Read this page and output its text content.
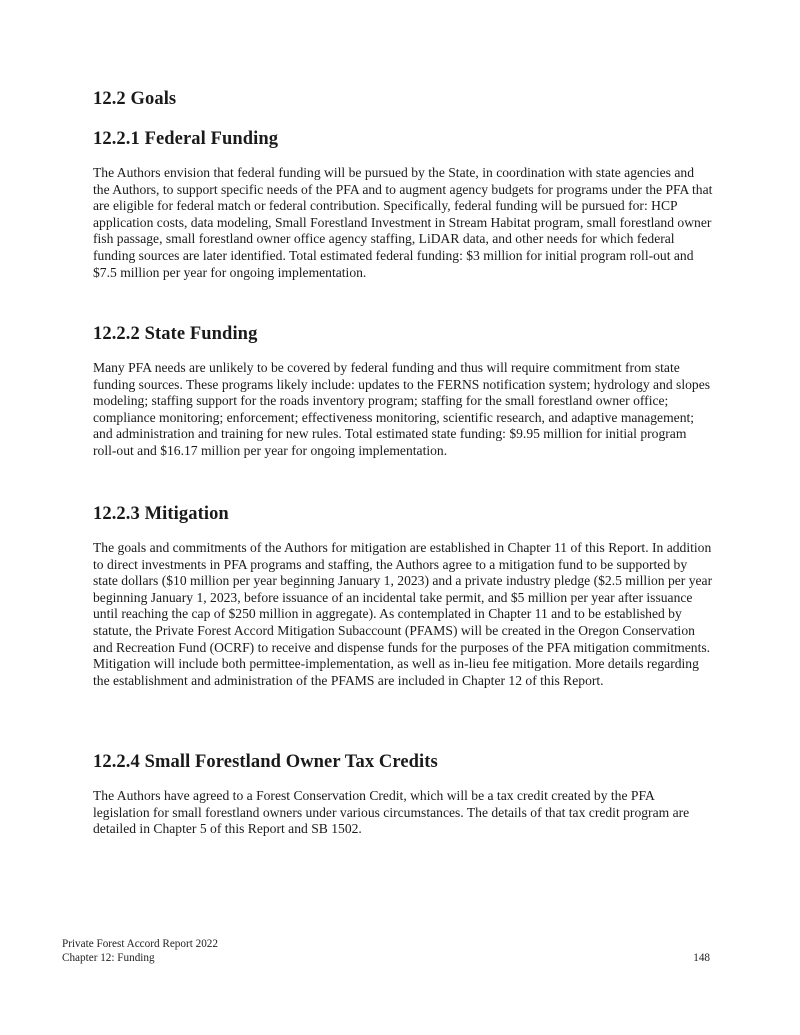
12.2 Goals
12.2.1 Federal Funding

The Authors envision that federal funding will be pursued by the State, in coordination with state agencies and the Authors, to support specific needs of the PFA and to augment agency budgets for programs under the PFA that are eligible for federal match or federal contribution. Specifically, federal funding will be pursued for: HCP application costs, data modeling, Small Forestland Investment in Stream Habitat program, small forestland owner fish passage, small forestland owner office agency staffing, LiDAR data, and other needs for which federal funding sources are later identified. Total estimated federal funding: $3 million for initial program roll-out and $7.5 million per year for ongoing implementation.

12.2.2 State Funding

Many PFA needs are unlikely to be covered by federal funding and thus will require commitment from state funding sources. These programs likely include: updates to the FERNS notification system; hydrology and slopes modeling; staffing support for the roads inventory program; staffing for the small forestland owner office; compliance monitoring; enforcement; effectiveness monitoring, scientific research, and adaptive management; and administration and training for new rules. Total estimated state funding: $9.95 million for initial program roll-out and $16.17 million per year for ongoing implementation.

12.2.3 Mitigation

The goals and commitments of the Authors for mitigation are established in Chapter 11 of this Report. In addition to direct investments in PFA programs and staffing, the Authors agree to a mitigation fund to be supported by state dollars ($10 million per year beginning January 1, 2023) and a private industry pledge ($2.5 million per year beginning January 1, 2023, before issuance of an incidental take permit, and $5 million per year after issuance until reaching the cap of $250 million in aggregate). As contemplated in Chapter 11 and to be established by statute, the Private Forest Accord Mitigation Subaccount (PFAMS) will be created in the Oregon Conservation and Recreation Fund (OCRF) to receive and dispense funds for the purposes of the PFA mitigation commitments. Mitigation will include both permittee-implementation, as well as in-lieu fee mitigation. More details regarding the establishment and administration of the PFAMS are included in Chapter 12 of this Report.

12.2.4 Small Forestland Owner Tax Credits

The Authors have agreed to a Forest Conservation Credit, which will be a tax credit created by the PFA legislation for small forestland owners under various circumstances. The details of that tax credit program are detailed in Chapter 5 of this Report and SB 1502.

Private Forest Accord Report 2022
Chapter 12: Funding	148
